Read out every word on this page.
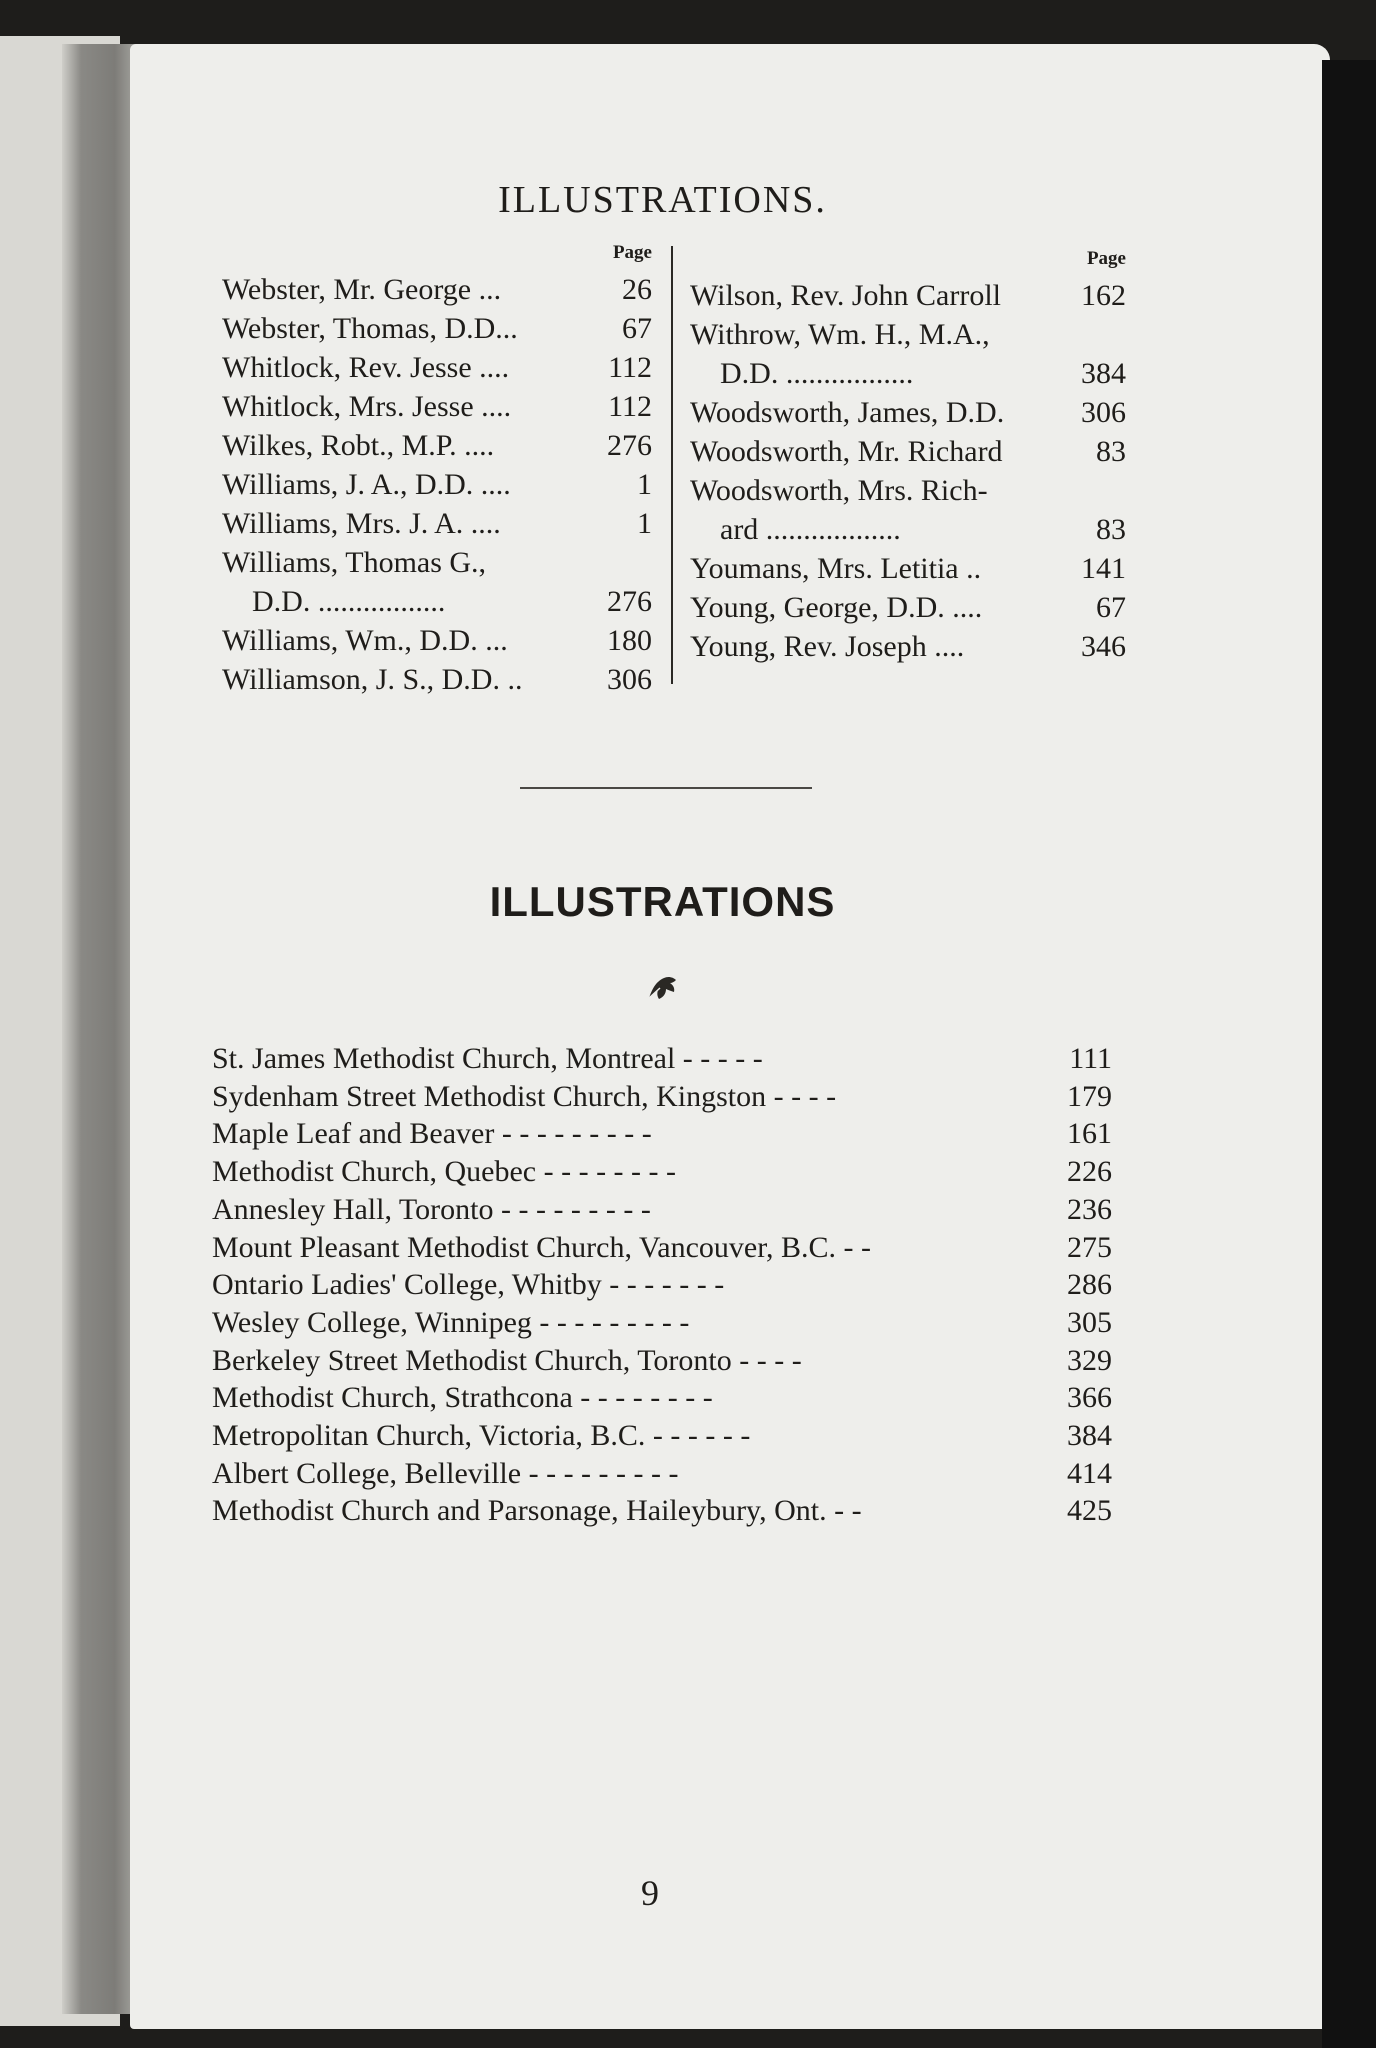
ILLUSTRATIONS.
Page
Webster, Mr. George ...	26
Webster, Thomas, D.D...	67
Whitlock, Rev. Jesse ....	112
Whitlock, Mrs. Jesse ....	112
Wilkes, Robt., M.P. ....	276
Williams, J. A., D.D. ....	1
Williams, Mrs. J. A. ....	1
Williams, Thomas G.,
D.D. .................	276
Williams, Wm., D.D. ...	180
Williamson, J. S., D.D. ..	306
Page
Wilson, Rev. John Carroll	162
Withrow, Wm. H., M.A.,
D.D. .................	384
Woodsworth, James, D.D.	306
Woodsworth, Mr. Richard	83
Woodsworth, Mrs. Rich-
ard ..................	83
Youmans, Mrs. Letitia ..	141
Young, George, D.D. ....	67
Young, Rev. Joseph ....	346
ILLUSTRATIONS
St. James Methodist Church, Montreal - - - - -	111
Sydenham Street Methodist Church, Kingston - - - -	179
Maple Leaf and Beaver - - - - - - - - -	161
Methodist Church, Quebec - - - - - - - -	226
Annesley Hall, Toronto - - - - - - - - -	236
Mount Pleasant Methodist Church, Vancouver, B.C. - -	275
Ontario Ladies' College, Whitby - - - - - - -	286
Wesley College, Winnipeg - - - - - - - - -	305
Berkeley Street Methodist Church, Toronto - - - -	329
Methodist Church, Strathcona - - - - - - - -	366
Metropolitan Church, Victoria, B.C. - - - - - -	384
Albert College, Belleville - - - - - - - - -	414
Methodist Church and Parsonage, Haileybury, Ont. - -	425
9
